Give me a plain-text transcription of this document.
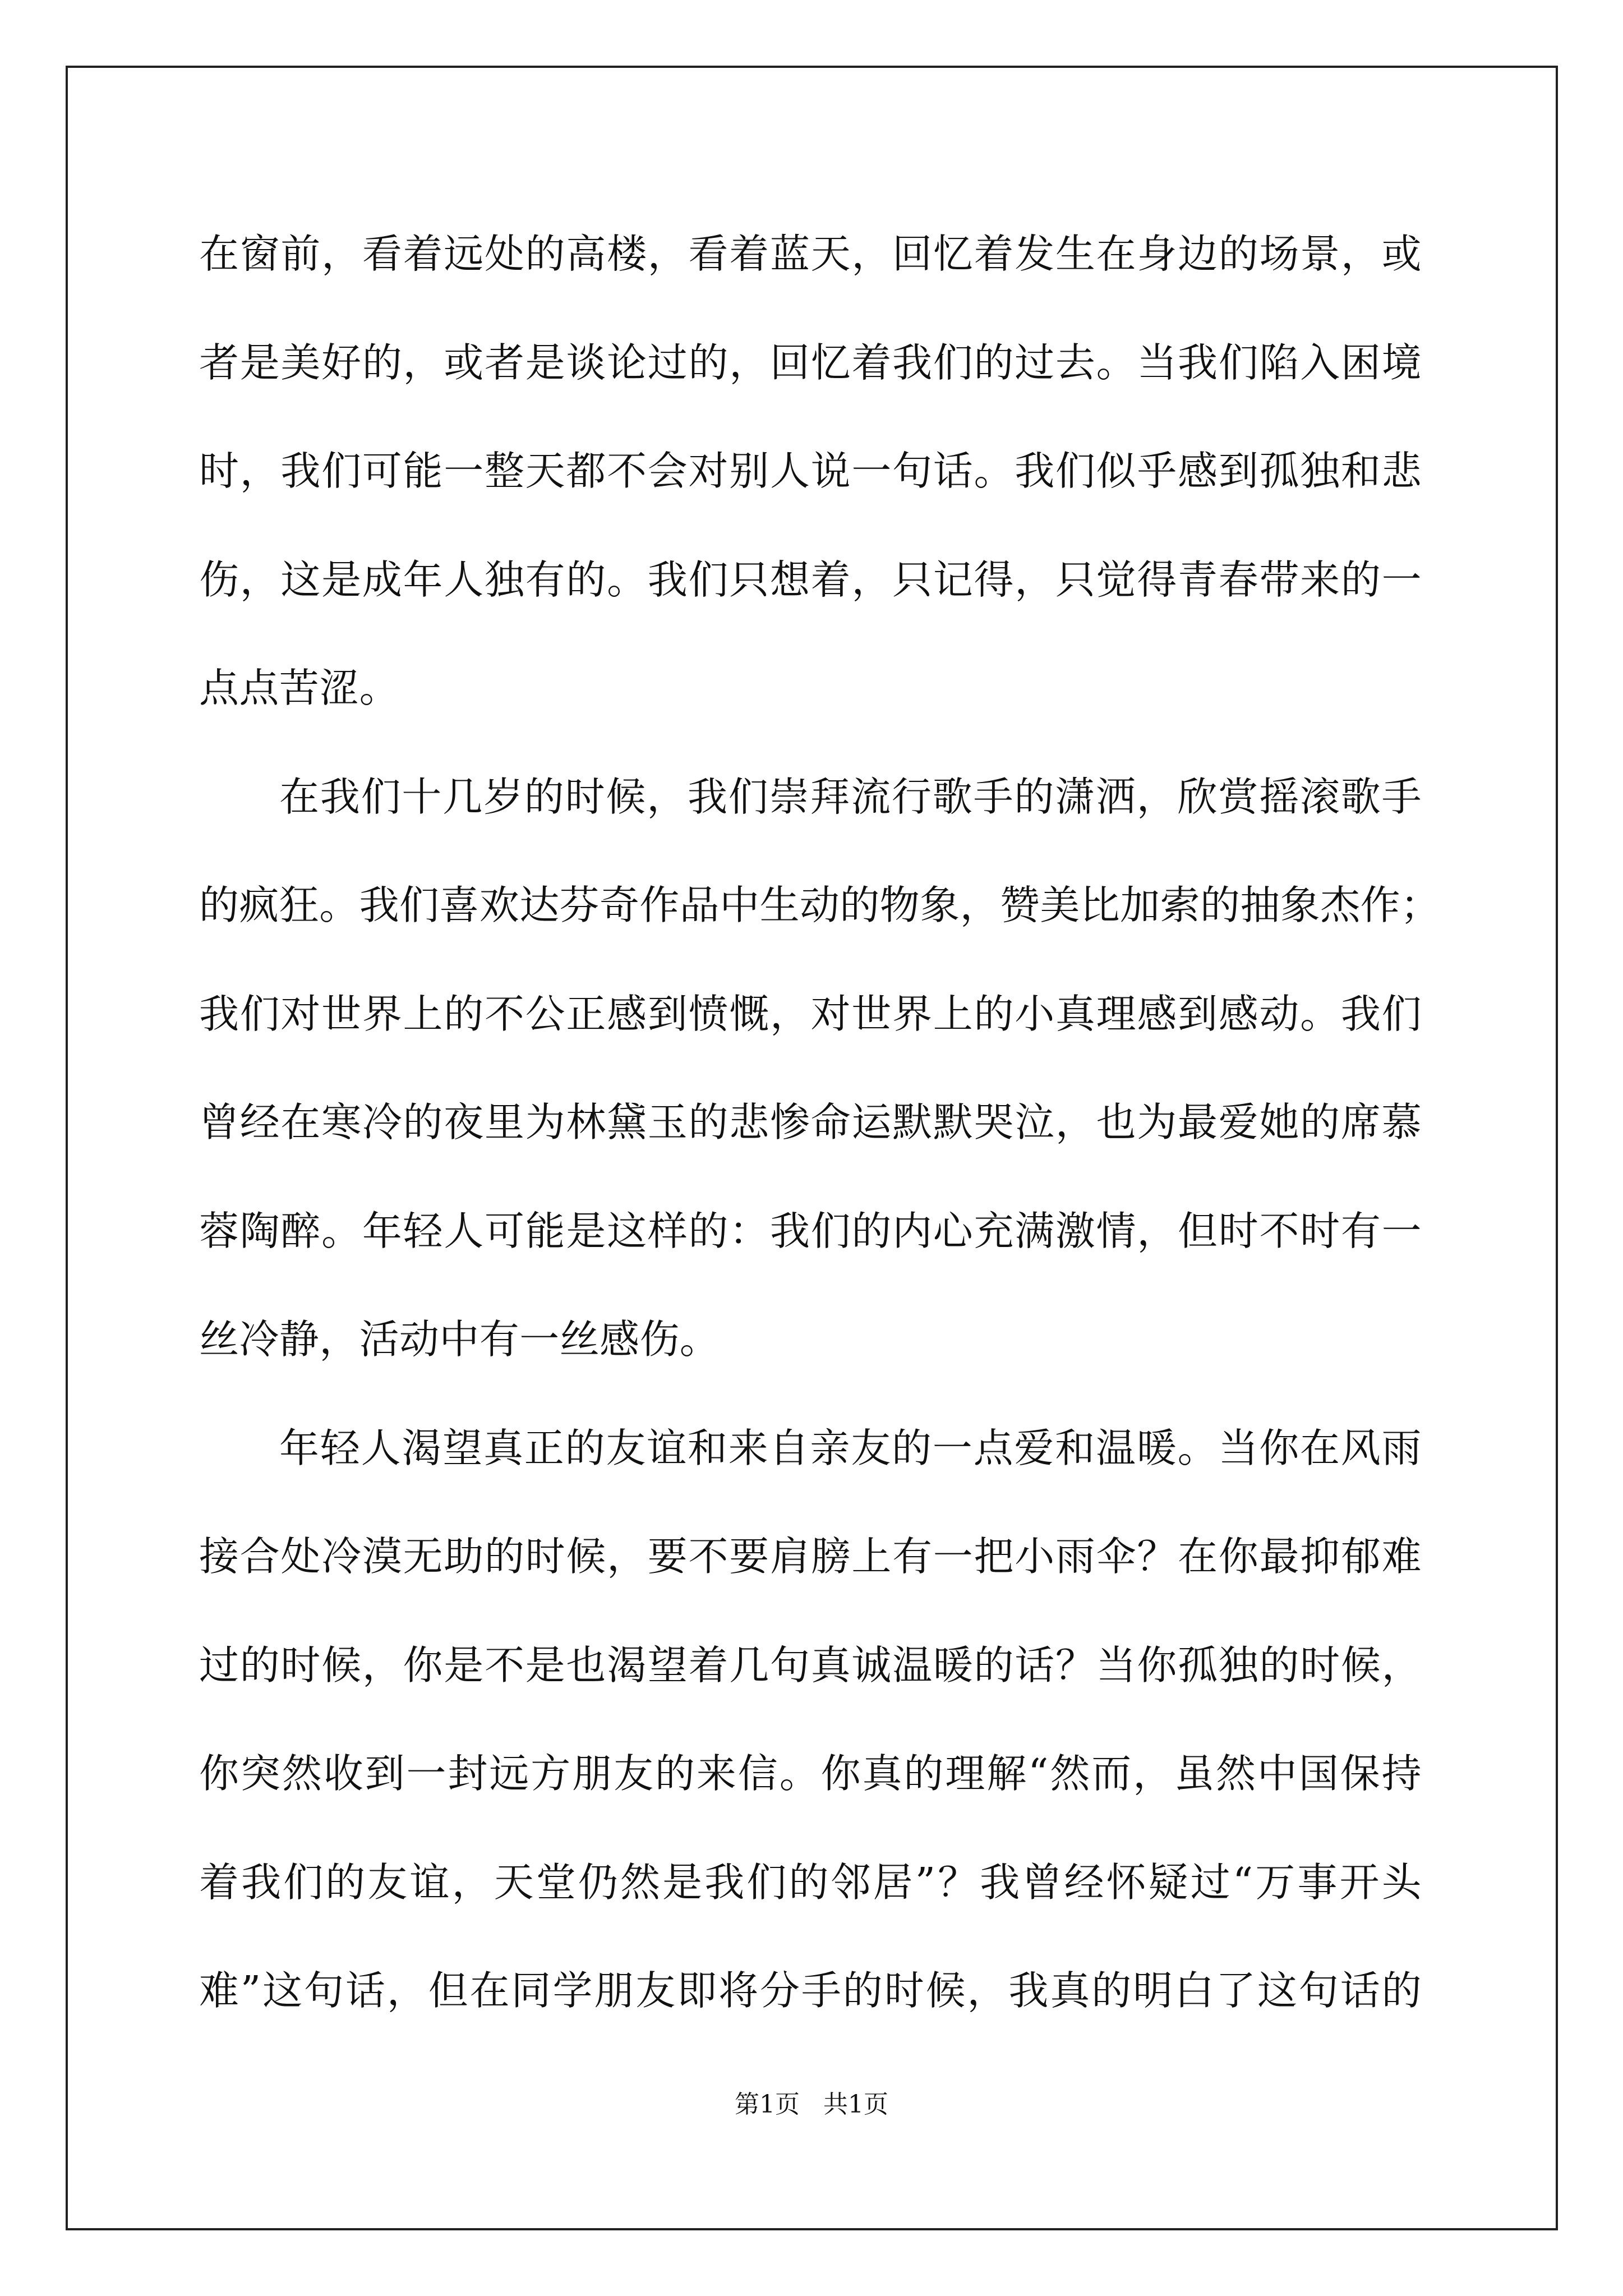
在窗前，看着远处的高楼，看着蓝天，回忆着发生在身边的场景，或
者是美好的，或者是谈论过的，回忆着我们的过去。当我们陷入困境
时，我们可能一整天都不会对别人说一句话。我们似乎感到孤独和悲
伤，这是成年人独有的。我们只想着，只记得，只觉得青春带来的一
点点苦涩。
在我们十几岁的时候，我们崇拜流行歌手的潇洒，欣赏摇滚歌手
的疯狂。我们喜欢达芬奇作品中生动的物象，赞美比加索的抽象杰作；
我们对世界上的不公正感到愤慨，对世界上的小真理感到感动。我们
曾经在寒冷的夜里为林黛玉的悲惨命运默默哭泣，也为最爱她的席慕
蓉陶醉。年轻人可能是这样的：我们的内心充满激情，但时不时有一
丝冷静，活动中有一丝感伤。
年轻人渴望真正的友谊和来自亲友的一点爱和温暖。当你在风雨
接合处冷漠无助的时候，要不要肩膀上有一把小雨伞？在你最抑郁难
过的时候，你是不是也渴望着几句真诚温暖的话？当你孤独的时候，
你突然收到一封远方朋友的来信。你真的理解“然而，虽然中国保持
着我们的友谊，天堂仍然是我们的邻居”？我曾经怀疑过“万事开头
难”这句话，但在同学朋友即将分手的时候，我真的明白了这句话的
第1页   共1页
